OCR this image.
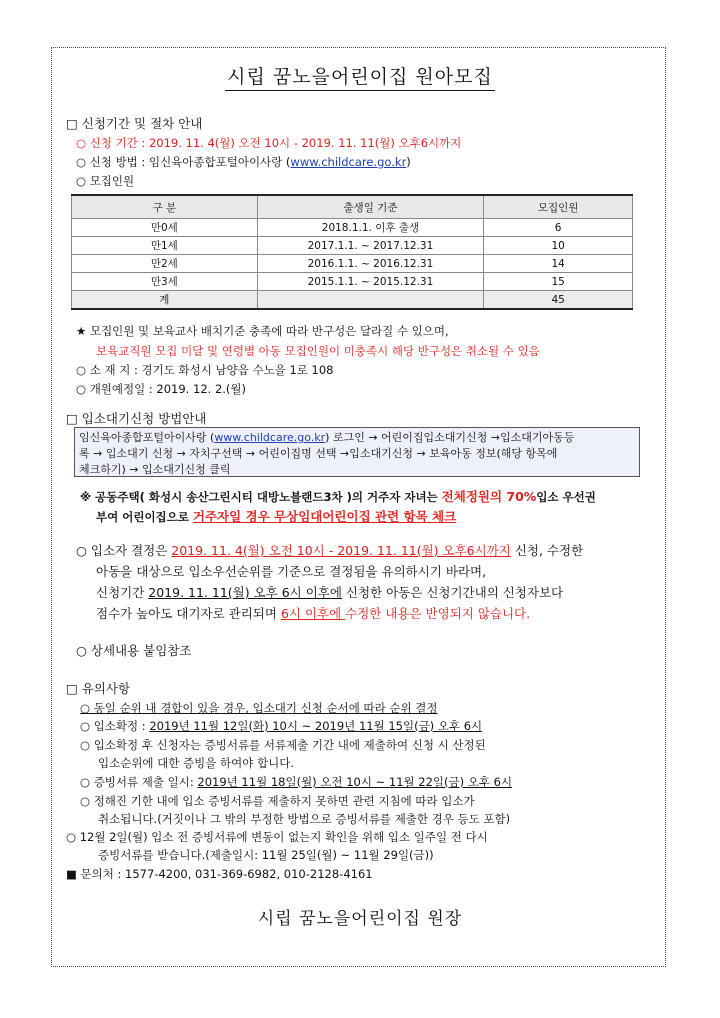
시립 꿈노을어린이집 원아모집
□ 신청기간 및 절차 안내
○ 신청 기간 : 2019. 11. 4(월) 오전 10시 - 2019. 11. 11(월) 오후6시까지
○ 신청 방법 : 임신육아종합포털아이사랑 (www.childcare.go.kr)
○ 모집인원
구 분	출생일 기준	모집인원
만0세	2018.1.1. 이후 출생	6
만1세	2017.1.1. ~ 2017.12.31	10
만2세	2016.1.1. ~ 2016.12.31	14
만3세	2015.1.1. ~ 2015.12.31	15
계		45
★ 모집인원 및 보육교사 배치기준 충족에 따라 반구성은 달라질 수 있으며,
보육교직원 모집 미달 및 연령별 아동 모집인원이 미충족시 해당 반구성은 취소될 수 있음
○ 소 재 지 : 경기도 화성시 남양읍 수노을 1로 108
○ 개원예정일 : 2019. 12. 2.(월)
□ 입소대기신청 방법안내
임신육아종합포털아이사랑 (www.childcare.go.kr) 로그인 → 어린이집입소대기신청 →입소대기아동등
록 → 입소대기 신청 → 자치구선택 → 어린이집명 선택 →입소대기신청 → 보육아동 정보(해당 항목에
체크하기) → 입소대기신청 클릭
※ 공동주택( 화성시 송산그린시티 대방노블랜드3차 )의 거주자 자녀는 전체정원의 70%입소 우선권
부여 어린이집으로 거주자일 경우 무상임대어린이집 관련 항목 체크
○ 입소자 결정은 2019. 11. 4(월) 오전 10시 - 2019. 11. 11(월) 오후6시까지 신청, 수정한
아동을 대상으로 입소우선순위를 기준으로 결정됨을 유의하시기 바라며,
신청기간 2019. 11. 11(월) 오후 6시 이후에 신청한 아동은 신청기간내의 신청자보다
점수가 높아도 대기자로 관리되며 6시 이후에 수정한 내용은 반영되지 않습니다.
○ 상세내용 붙임참조
□ 유의사항
○ 동일 순위 내 경합이 있을 경우, 입소대기 신청 순서에 따라 순위 결정
○ 입소확정 : 2019년 11월 12일(화) 10시 ~ 2019년 11월 15일(금) 오후 6시
○ 입소확정 후 신청자는 증빙서류를 서류제출 기간 내에 제출하여 신청 시 산정된
입소순위에 대한 증빙을 하여야 합니다.
○ 증빙서류 제출 일시: 2019년 11월 18일(월) 오전 10시 ~ 11월 22일(금) 오후 6시
○ 정해진 기한 내에 입소 증빙서류를 제출하지 못하면 관련 지침에 따라 입소가
취소됩니다.(거짓이나 그 밖의 부정한 방법으로 증빙서류를 제출한 경우 등도 포함)
○ 12월 2일(월) 입소 전 증빙서류에 변동이 없는지 확인을 위해 입소 일주일 전 다시
증빙서류를 받습니다.(제출일시: 11월 25일(월) ~ 11월 29일(금))
■ 문의처 : 1577-4200, 031-369-6982, 010-2128-4161
시립 꿈노을어린이집 원장
